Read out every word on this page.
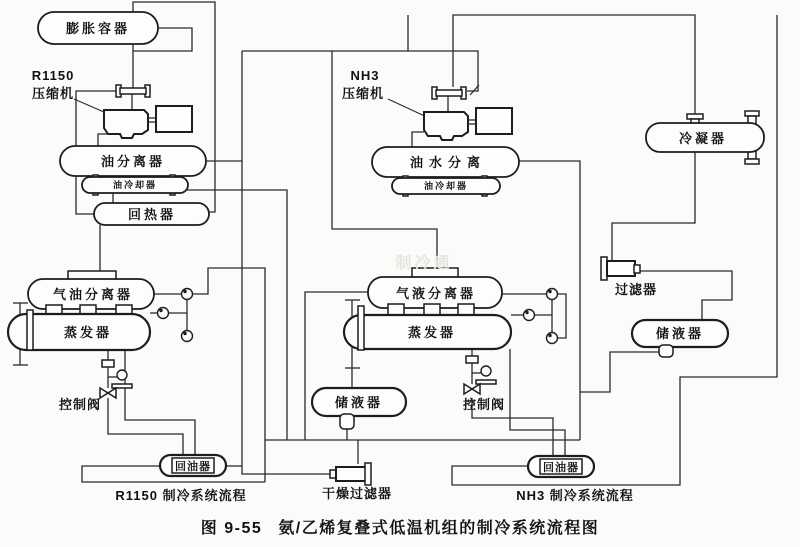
膨胀容器
R1150
压缩机
油分离器
油冷却器
回热器
气油分离器
蒸发器
控制阀
回油器
NH3
压缩机
油水分离
油冷却器
气液分离器
蒸发器
储液器	控制阀
干燥过滤器
回油器
冷凝器
过滤器
储液器
制冷通
R1150 制冷系统流程	NH3 制冷系统流程
图 9-55 氨/乙烯复叠式低温机组的制冷系统流程图
